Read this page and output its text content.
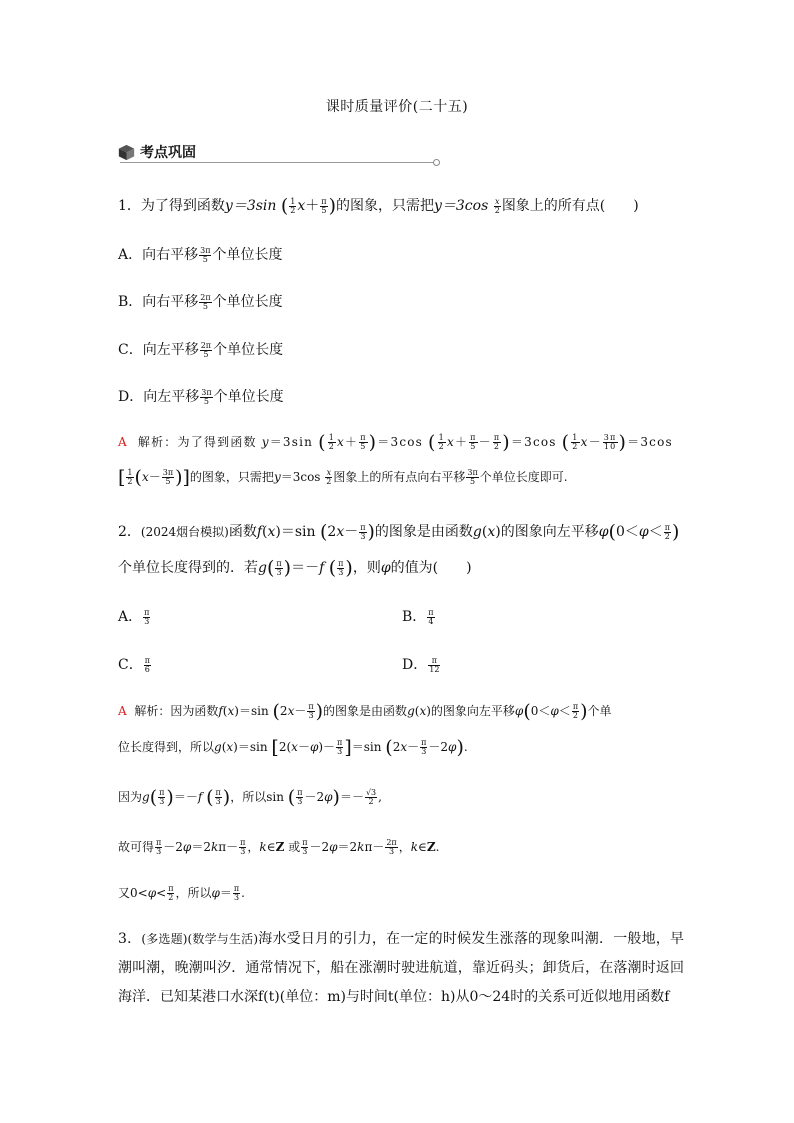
课时质量评价(二十五)
考点巩固
1．为了得到函数y＝3sin ( $\frac{1}{2} x+ \frac{\pi}{5}$ )的图象，只需把$y=3\cos \frac{x}{2}$ 图象上的所有点(　　)
A．向右平移 $\frac{3\pi}{5}$ 个单位长度
B．向右平移 $\frac{2\pi}{5}$ 个单位长度
C．向左平移 $\frac{2\pi}{5}$ 个单位长度
D．向左平移 $\frac{3\pi}{5}$ 个单位长度
A 解析：为了得到函数 y＝3sin ( $\frac{1}{2} x+ \frac{\pi}{5} )=3\cos$ ( $\frac{1}{2} x+ \frac{\pi}{5} - \frac{\pi}{2} )=3\cos$ ( $\frac{1}{2} x- \frac{3\pi}{10} )=3\cos$
[ $\frac{1}{2} (x- \frac{3\pi}{5}$ )]的图象，只需把$y=3\cos \frac{x}{2}$ 图象上的所有点向右平移 $\frac{3\pi}{5}$ 个单位长度即可.
2．(2024烟台模拟)函数f(x)＝sin ($2x- \frac{\pi}{3}$ )的图象是由函数g(x)的图象向左平移$\varphi(0<\varphi< \frac{\pi}{2}$ )
个单位长度得到的．若$g( \frac{\pi}{3} )=-f$ ( $\frac{\pi}{3}$ )，则φ的值为(　　)
A． $\frac{\pi}{3}$	B． $\frac{\pi}{4}$
C． $\frac{\pi}{6}$	D． $\frac{\pi}{12}$
A 解析：因为函数f(x)＝sin ($2x- \frac{\pi}{3}$ )的图象是由函数g(x)的图象向左平移$\varphi(0<\varphi< \frac{\pi}{2}$ )个单
位长度得到，所以g(x)＝sin $[2(x-\varphi)- \frac{\pi}{3} ]=\sin$ $(2x- \frac{\pi}{3} -2\varphi)$.
因为$g( \frac{\pi}{3} )=-f$ ( $\frac{\pi}{3}$ )，所以sin ( $\frac{\pi}{3} -2\varphi)=- \frac{√3}{2}$ ,
故可得 $\frac{\pi}{3} -2\varphi=2k\pi- \frac{\pi}{3}$ ，k∈Z 或 $\frac{\pi}{3} -2\varphi=2k\pi- \frac{2\pi}{3}$ ，k∈Z.
又$0<\varphi< \frac{\pi}{2}$ ，所以$\varphi= \frac{\pi}{3}$ .
3．(多选题)(数学与生活)海水受日月的引力，在一定的时候发生涨落的现象叫潮．一般地，早潮叫潮，晚潮叫汐．通常情况下，船在涨潮时驶进航道，靠近码头；卸货后，在落潮时返回海洋．已知某港口水深f(t)(单位：m)与时间t(单位：h)从0～24时的关系可近似地用函数f
